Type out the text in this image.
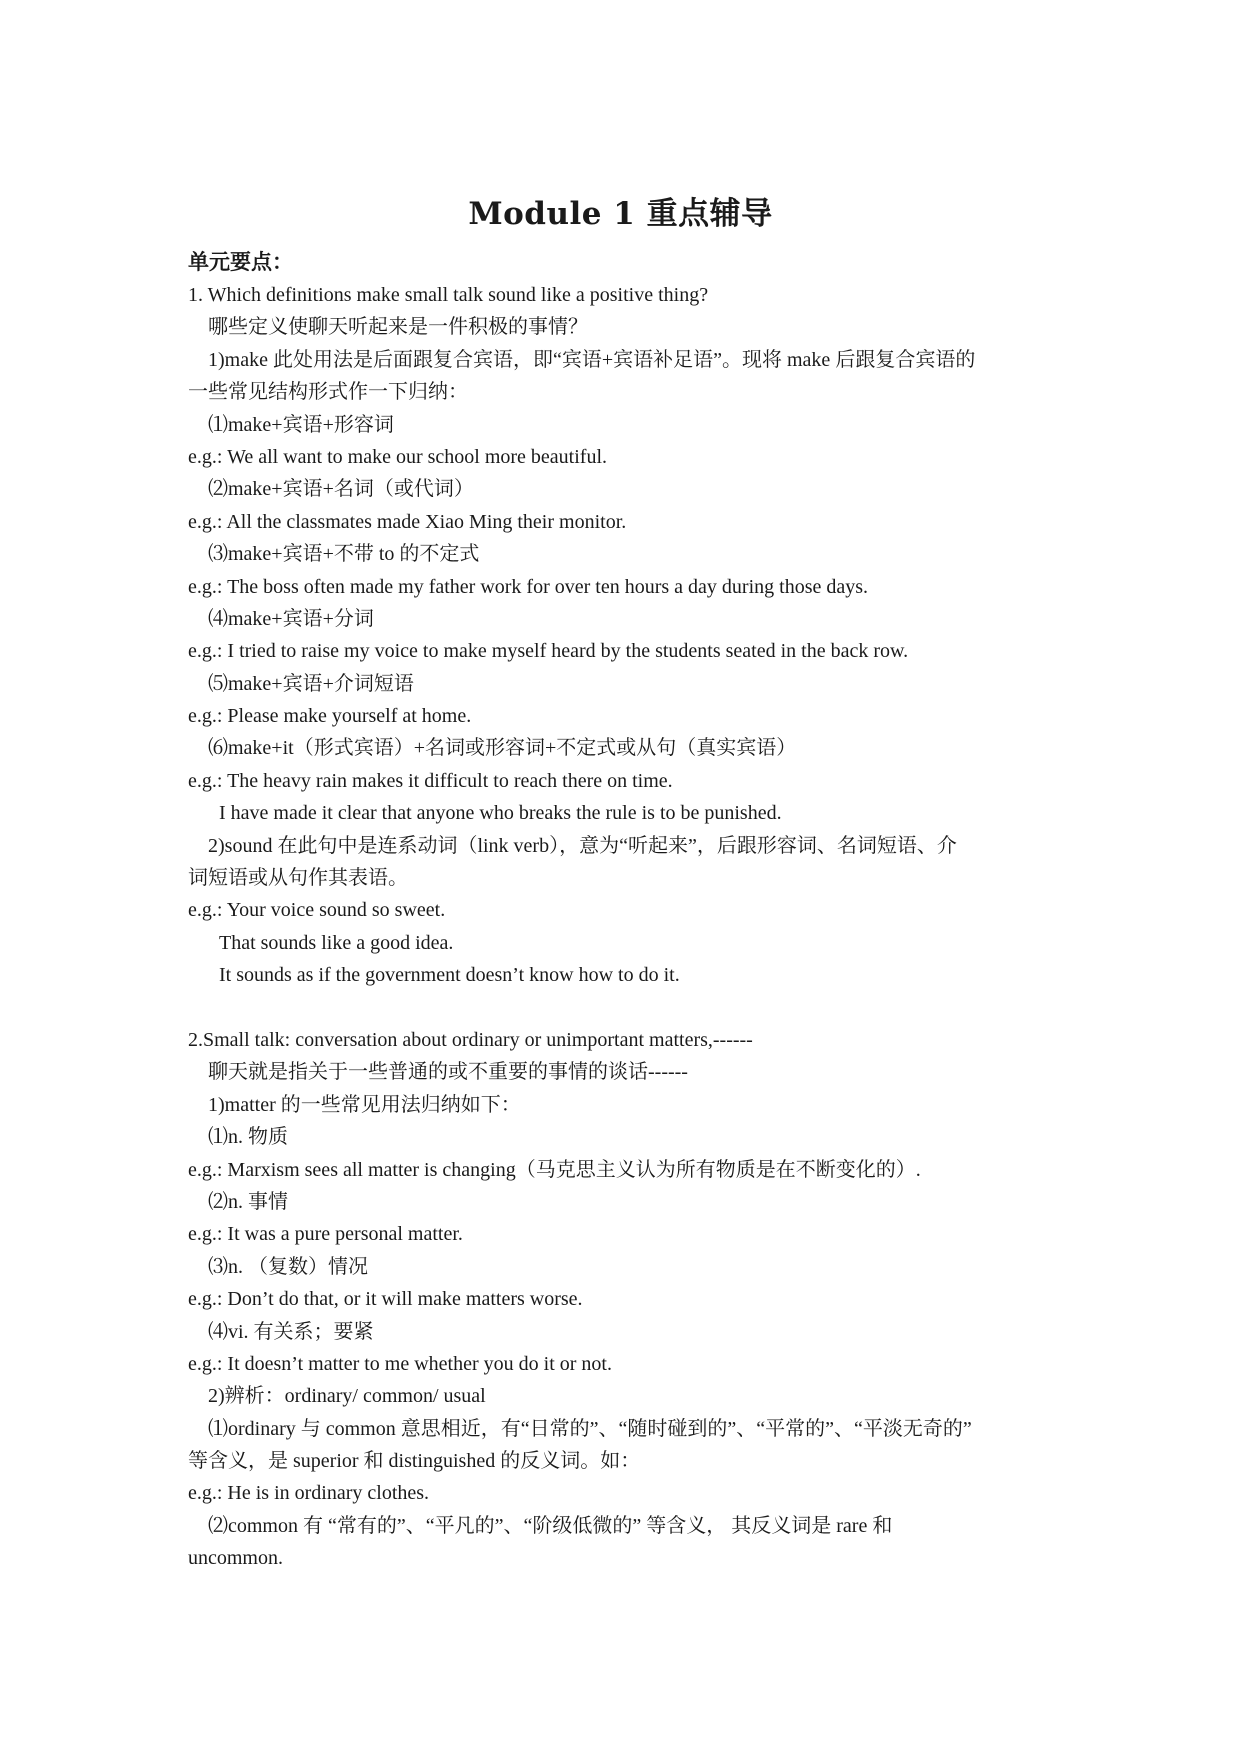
Module 1 重点辅导
单元要点：
1. Which definitions make small talk sound like a positive thing?
哪些定义使聊天听起来是一件积极的事情？
1)make 此处用法是后面跟复合宾语，即“宾语+宾语补足语”。现将 make 后跟复合宾语的
一些常见结构形式作一下归纳：
⑴make+宾语+形容词
e.g.: We all want to make our school more beautiful.
⑵make+宾语+名词（或代词）
e.g.: All the classmates made Xiao Ming their monitor.
⑶make+宾语+不带 to 的不定式
e.g.: The boss often made my father work for over ten hours a day during those days.
⑷make+宾语+分词
e.g.: I tried to raise my voice to make myself heard by the students seated in the back row.
⑸make+宾语+介词短语
e.g.: Please make yourself at home.
⑹make+it（形式宾语）+名词或形容词+不定式或从句（真实宾语）
e.g.: The heavy rain makes it difficult to reach there on time.
I have made it clear that anyone who breaks the rule is to be punished.
2)sound 在此句中是连系动词（link verb），意为“听起来”，后跟形容词、名词短语、介
词短语或从句作其表语。
e.g.: Your voice sound so sweet.
That sounds like a good idea.
It sounds as if the government doesn’t know how to do it.
2.Small talk: conversation about ordinary or unimportant matters,------
聊天就是指关于一些普通的或不重要的事情的谈话------
1)matter 的一些常见用法归纳如下：
⑴n. 物质
e.g.: Marxism sees all matter is changing（马克思主义认为所有物质是在不断变化的）.
⑵n. 事情
e.g.: It was a pure personal matter.
⑶n. （复数）情况
e.g.: Don’t do that, or it will make matters worse.
⑷vi. 有关系；要紧
e.g.: It doesn’t matter to me whether you do it or not.
2)辨析：ordinary/ common/ usual
⑴ordinary 与 common 意思相近，有“日常的”、“随时碰到的”、“平常的”、“平淡无奇的”
等含义，是 superior 和 distinguished 的反义词。如：
e.g.: He is in ordinary clothes.
⑵common 有 “常有的”、“平凡的”、“阶级低微的” 等含义， 其反义词是 rare 和
uncommon.
